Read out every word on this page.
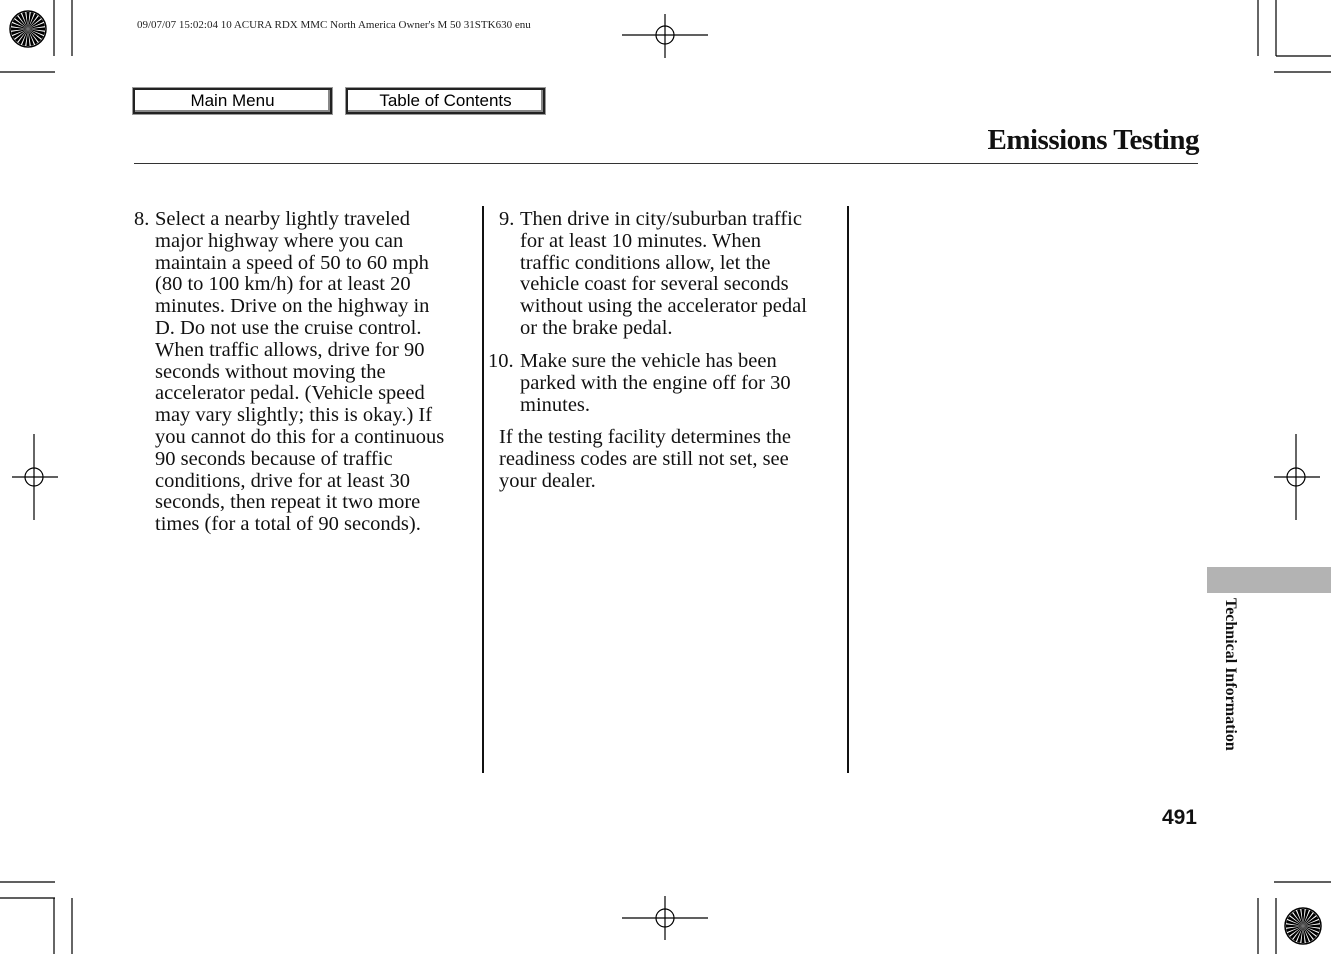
09/07/07 15:02:04 10 ACURA RDX MMC North America Owner's M 50 31STK630 enu
Main Menu	Table of Contents
Emissions Testing
8. Select a nearby lightly traveled
major highway where you can
maintain a speed of 50 to 60 mph
(80 to 100 km/h) for at least 20
minutes. Drive on the highway in
D. Do not use the cruise control.
When traffic allows, drive for 90
seconds without moving the
accelerator pedal. (Vehicle speed
may vary slightly; this is okay.) If
you cannot do this for a continuous
90 seconds because of traffic
conditions, drive for at least 30
seconds, then repeat it two more
times (for a total of 90 seconds).
9. Then drive in city/suburban traffic
for at least 10 minutes. When
traffic conditions allow, let the
vehicle coast for several seconds
without using the accelerator pedal
or the brake pedal.
10. Make sure the vehicle has been
parked with the engine off for 30
minutes.
If the testing facility determines the
readiness codes are still not set, see
your dealer.
Technical Information
491
